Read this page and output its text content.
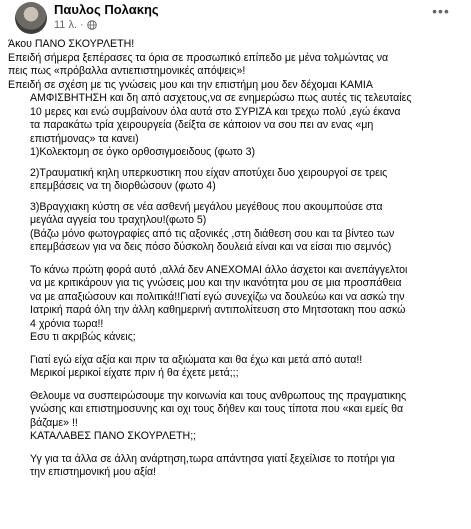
Παυλος Πολακης
11 λ. ·
•••

Άκου ΠΑΝΟ ΣΚΟΥΡΛΕΤΗ!

Επειδή σήμερα ξεπέρασες τα όρια σε προσωπικό επίπεδο με μένα τολμώντας να

πεις πως «πρόβαλλα αντιεπιστημονικές απόψεις»!

Επειδή σε σχέση με τις γνώσεις μου και την επιστήμη μου δεν δέχομαι ΚΑΜΙΑ

ΑΜΦΙΣΒΗΤΗΣΗ και δη από ασχετους,να σε ενημερώσω πως αυτές τις τελευταίες

10 μερες και ενώ συμβαίνουν όλα αυτά στο ΣΥΡΙΖΑ και τρεχω πολύ ,εγώ έκανα

τα παρακάτω τρία χειρουργεία (δείξτα σε κάποιον να σου πει αν ενας «μη

επιστήμονας» τα κανει)

1)Κολεκτομη σε όγκο ορθοσιγμοειδους (φωτο 3)

2)Τραυματική κηλη υπερκυστικη που είχαν αποτύχει δυο χειρουργοί σε τρεις

επεμβάσεις να τη διορθώσουν (φωτο 4)

3)Βραγχιακη κύστη σε νέα ασθενή μεγάλου μεγέθους που ακουμπούσε στα

μεγάλα αγγεία του τραχηλου!(φωτο 5)

(Βάζω μόνο φωτογραφίες από τις αξονικές ,στη διάθεση σου και τα βίντεο των

επεμβάσεων για να δεις πόσο δύσκολη δουλειά είναι και να είσαι πιο σεμνός)

Το κάνω πρώτη φορά αυτό ,αλλά δεν ΑΝΕΧΟΜΑΙ άλλο άσχετοι και ανεπάγγελτοι

να με κριτικάρουν για τις γνώσεις μου και την ικανότητα μου σε μια προσπάθεια

να με απαξιώσουν και πολιτικά!!Γιατί εγώ συνεχίζω να δουλεύω και να ασκώ την

Ιατρική παρά όλη την άλλη καθημερινή αντιπολίτευση στο Μητσοτακη που ασκώ

4 χρόνια τωρα!!

Εσυ τι ακριβώς κάνεις;

Γιατί εγώ είχα αξία και πριν τα αξιώματα και θα έχω και μετά από αυτα!!

Μερικοί μερικοί είχατε πριν ή θα έχετε μετά;;;

Θελουμε να συσπειρώσουμε την κοινωνία και τους ανθρωπους της πραγματικης

γνώσης και επιστημοσυνης και οχι τους δήθεν και τους τίποτα που «και εμείς θα

βάζαμε» !!

ΚΑΤΑΛΑΒΕΣ ΠΑΝΟ ΣΚΟΥΡΛΕΤΗ;;

Υγ για τα άλλα σε άλλη ανάρτηση,τωρα απάντησα γιατί ξεχείλισε το ποτήρι για

την επιστημονική μου αξία!
